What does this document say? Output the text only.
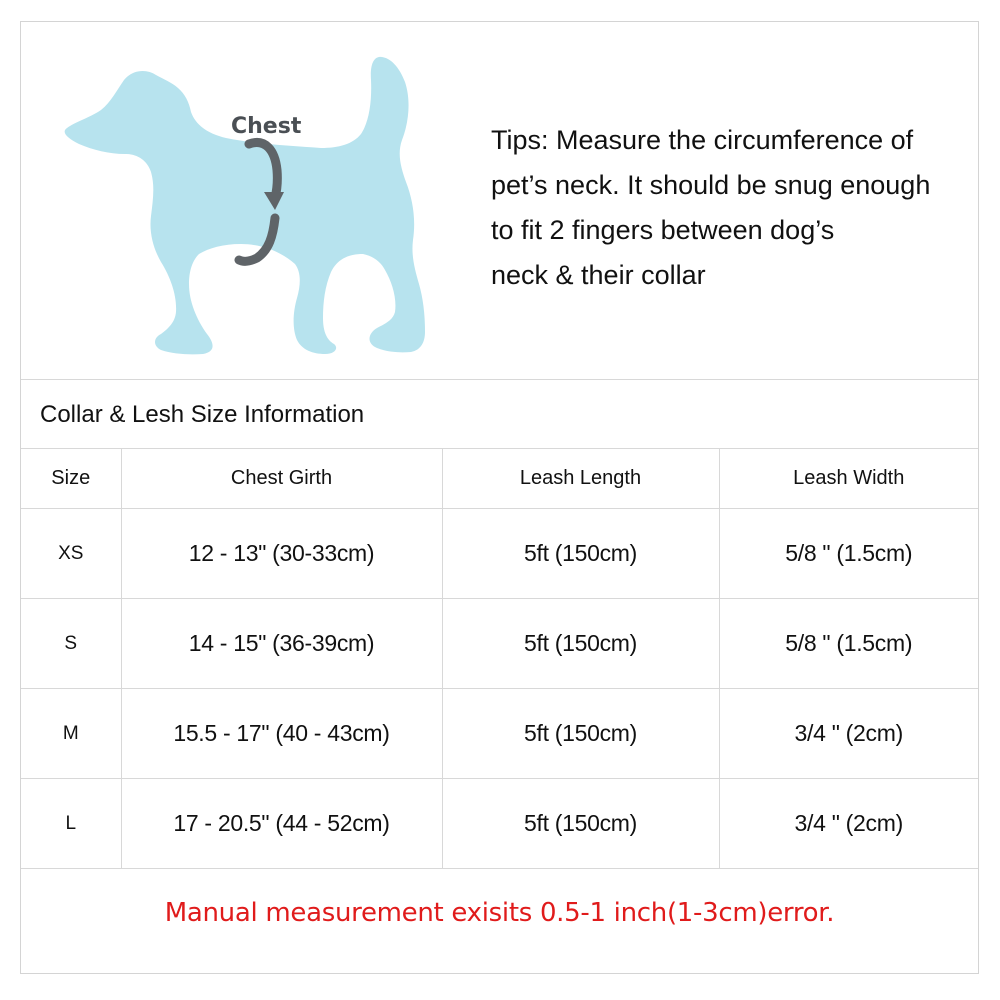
Chest	Tips: Measure the circumference of
pet’s neck. It should be snug enough
to fit 2 fingers between dog’s
neck & their collar
Collar & Lesh Size Information
Size	Chest Girth	Leash Length	Leash Width
XS	12 - 13" (30-33cm)	5ft (150cm)	5/8 " (1.5cm)
S	14 - 15" (36-39cm)	5ft (150cm)	5/8 " (1.5cm)
M	15.5 - 17" (40 - 43cm)	5ft (150cm)	3/4 " (2cm)
L	17 - 20.5" (44 - 52cm)	5ft (150cm)	3/4 " (2cm)
Manual measurement exisits 0.5-1 inch(1-3cm)error.
